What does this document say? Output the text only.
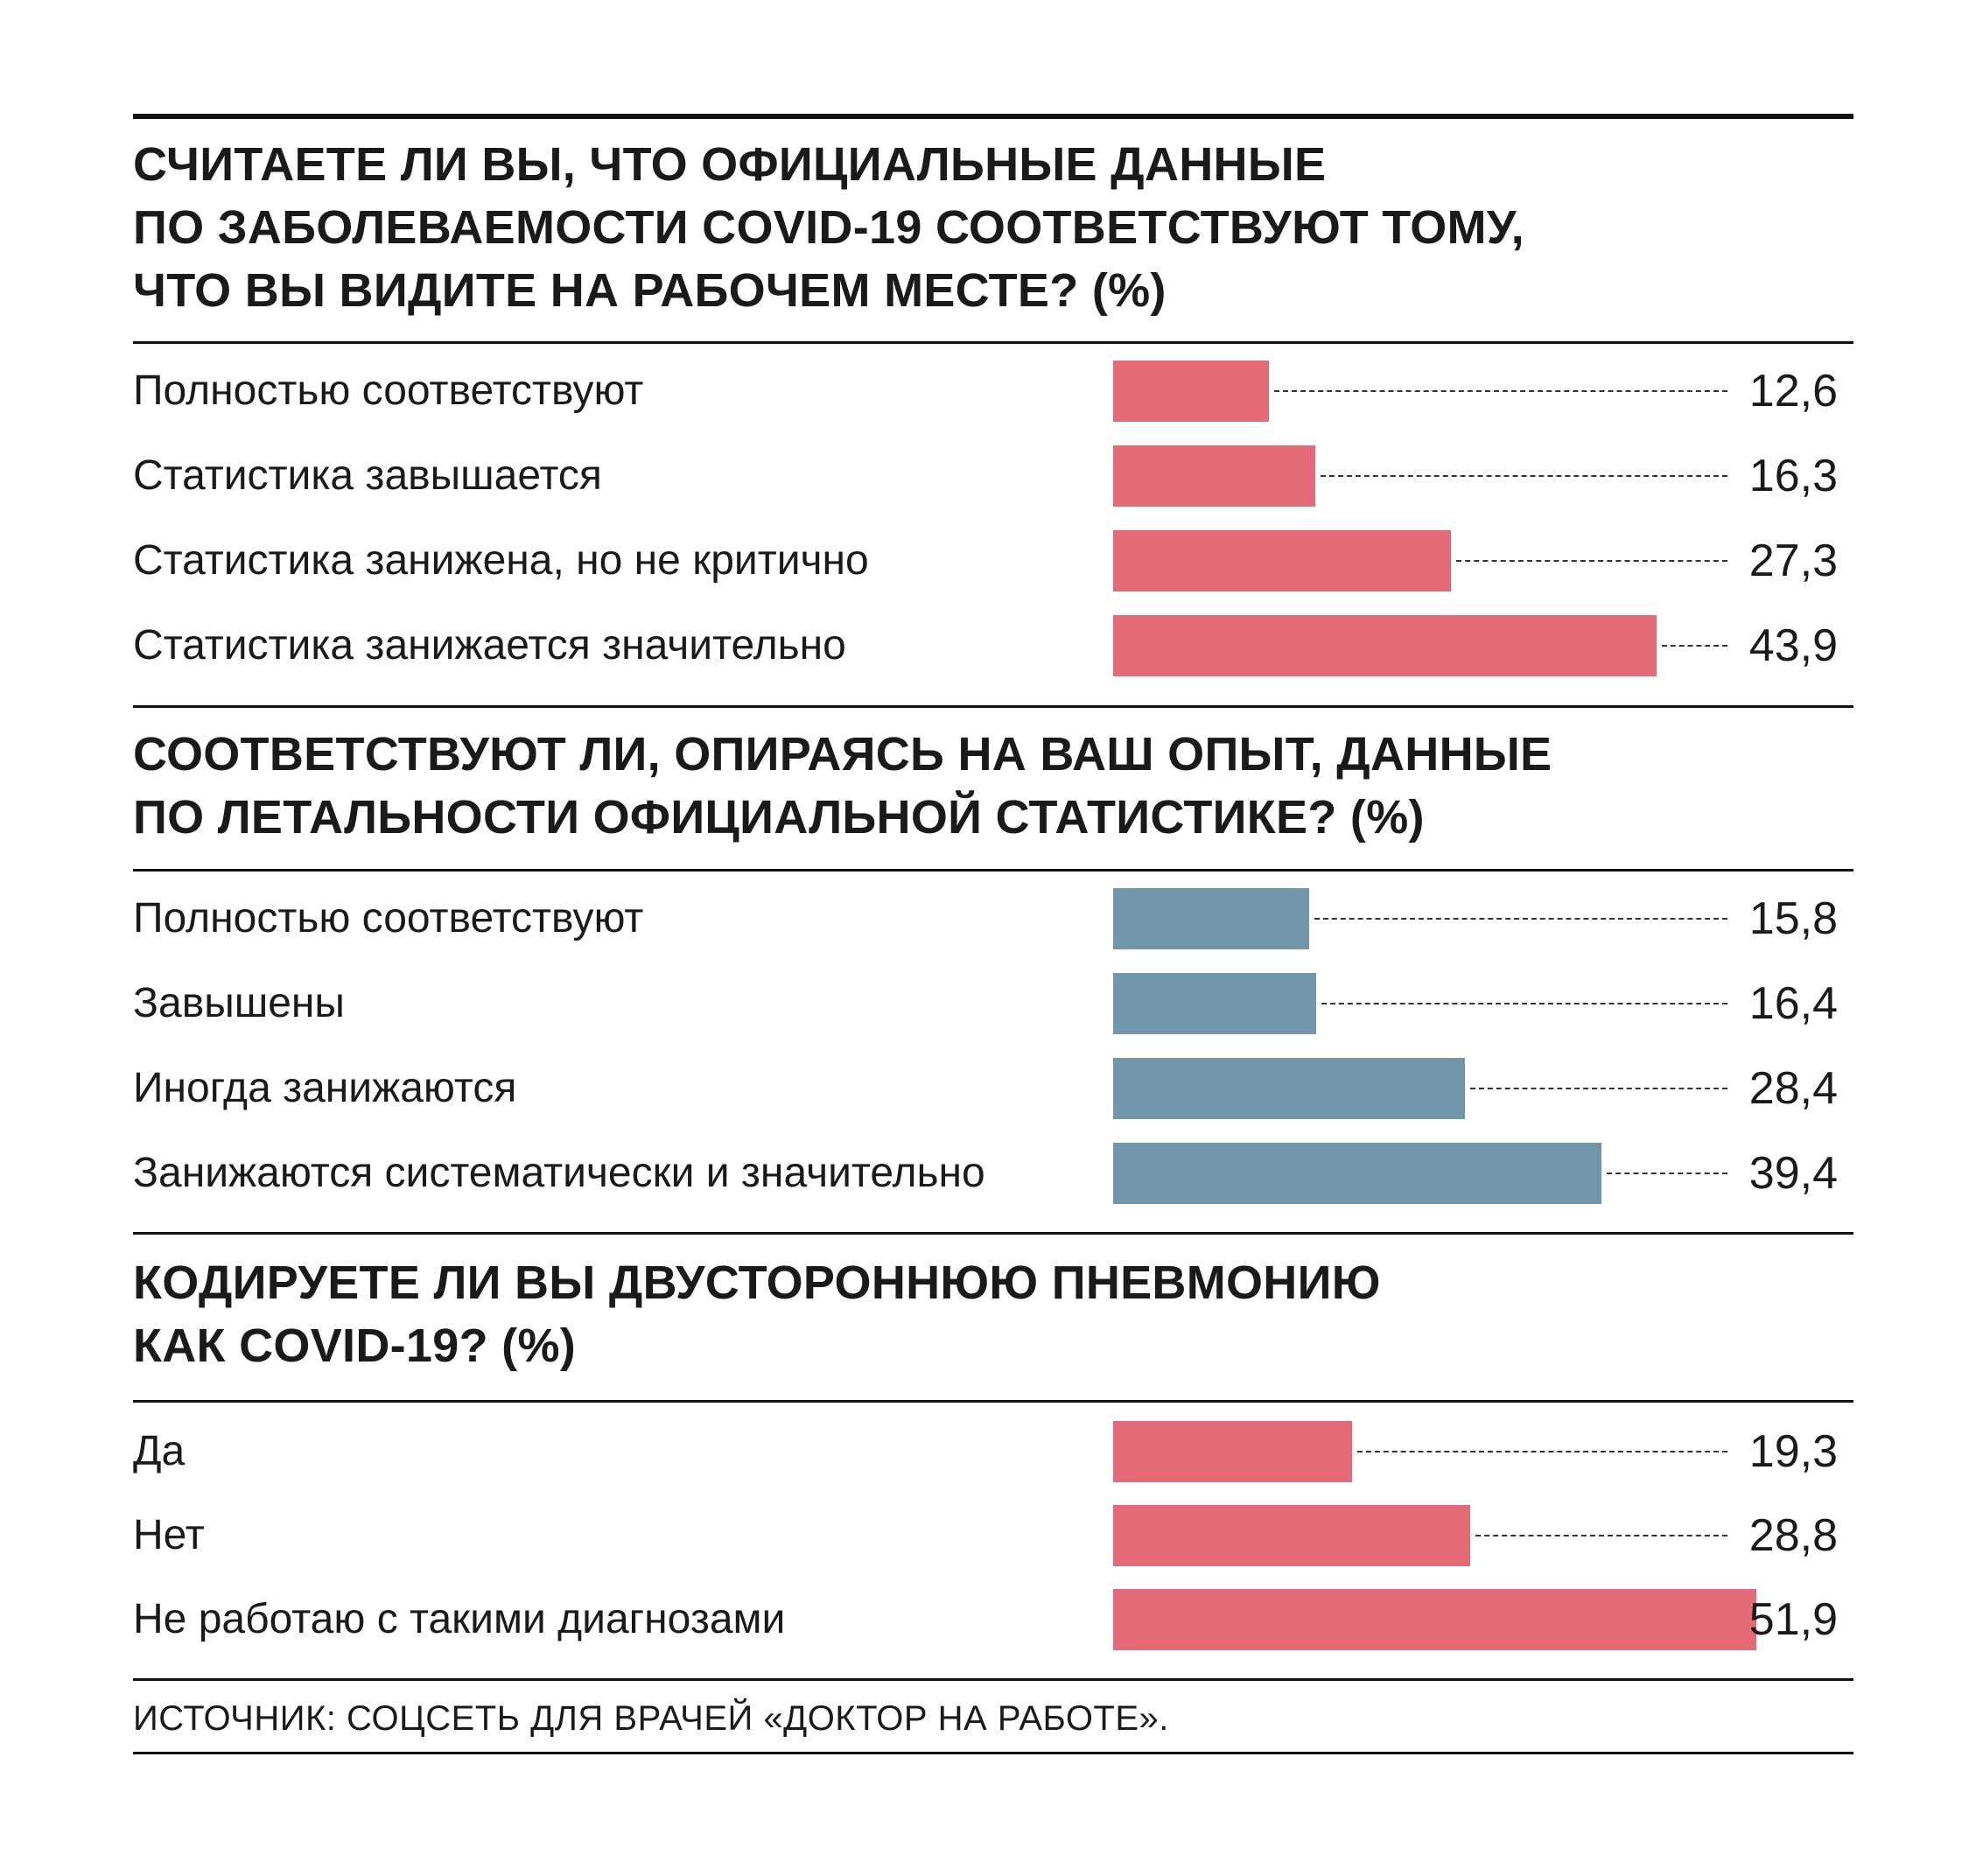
СЧИТАЕТЕ ЛИ ВЫ, ЧТО ОФИЦИАЛЬНЫЕ ДАННЫЕ
ПО ЗАБОЛЕВАЕМОСТИ COVID-19 СООТВЕТСТВУЮТ ТОМУ,
ЧТО ВЫ ВИДИТЕ НА РАБОЧЕМ МЕСТЕ? (%)
СООТВЕТСТВУЮТ ЛИ, ОПИРАЯСЬ НА ВАШ ОПЫТ, ДАННЫЕ
ПО ЛЕТАЛЬНОСТИ ОФИЦИАЛЬНОЙ СТАТИСТИКЕ? (%)
КОДИРУЕТЕ ЛИ ВЫ ДВУСТОРОННЮЮ ПНЕВМОНИЮ
КАК COVID-19? (%)
Полностью соответствуют	12,6
Статистика завышается	16,3
Статистика занижена, но не критично	27,3
Статистика занижается значительно	43,9
Полностью соответствуют	15,8
Завышены	16,4
Иногда занижаются	28,4
Занижаются систематически и значительно	39,4
Да	19,3
Нет	28,8
Не работаю с такими диагнозами	51,9
ИСТОЧНИК: СОЦСЕТЬ ДЛЯ ВРАЧЕЙ «ДОКТОР НА РАБОТЕ».
